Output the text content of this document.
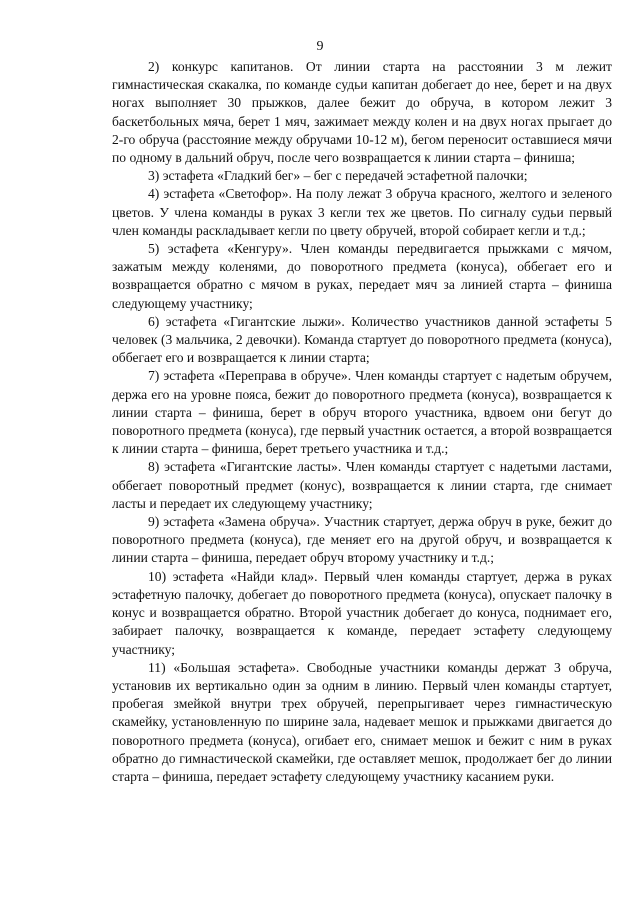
9

2) конкурс капитанов. От линии старта на расстоянии 3 м лежит гимнастическая скакалка, по команде судьи капитан добегает до нее, берет и на двух ногах выполняет 30 прыжков, далее бежит до обруча, в котором лежит 3 баскетбольных мяча, берет 1 мяч, зажимает между колен и на двух ногах прыгает до 2-го обруча (расстояние между обручами 10-12 м), бегом переносит оставшиеся мячи по одному в дальний обруч, после чего возвращается к линии старта – финиша;

3) эстафета «Гладкий бег» – бег с передачей эстафетной палочки;

4) эстафета «Светофор». На полу лежат 3 обруча красного, желтого и зеленого цветов. У члена команды в руках 3 кегли тех же цветов. По сигналу судьи первый член команды раскладывает кегли по цвету обручей, второй собирает кегли и т.д.;

5) эстафета «Кенгуру». Член команды передвигается прыжками с мячом, зажатым между коленями, до поворотного предмета (конуса), оббегает его и возвращается обратно с мячом в руках, передает мяч за линией старта – финиша следующему участнику;

6) эстафета «Гигантские лыжи». Количество участников данной эстафеты 5 человек (3 мальчика, 2 девочки). Команда стартует до поворотного предмета (конуса), оббегает его и возвращается к линии старта;

7) эстафета «Переправа в обруче». Член команды стартует с надетым обручем, держа его на уровне пояса, бежит до поворотного предмета (конуса), возвращается к линии старта – финиша, берет в обруч второго участника, вдвоем они бегут до поворотного предмета (конуса), где первый участник остается, а второй возвращается к линии старта – финиша, берет третьего участника и т.д.;

8) эстафета «Гигантские ласты». Член команды стартует с надетыми ластами, оббегает поворотный предмет (конус), возвращается к линии старта, где снимает ласты и передает их следующему участнику;

9) эстафета «Замена обруча». Участник стартует, держа обруч в руке, бежит до поворотного предмета (конуса), где меняет его на другой обруч, и возвращается к линии старта – финиша, передает обруч второму участнику и т.д.;

10) эстафета «Найди клад». Первый член команды стартует, держа в руках эстафетную палочку, добегает до поворотного предмета (конуса), опускает палочку в конус и возвращается обратно. Второй участник добегает до конуса, поднимает его, забирает палочку, возвращается к команде, передает эстафету следующему участнику;

11) «Большая эстафета». Свободные участники команды держат 3 обруча, установив их вертикально один за одним в линию. Первый член команды стартует, пробегая змейкой внутри трех обручей, перепрыгивает через гимнастическую скамейку, установленную по ширине зала, надевает мешок и прыжками двигается до поворотного предмета (конуса), огибает его, снимает мешок и бежит с ним в руках обратно до гимнастической скамейки, где оставляет мешок, продолжает бег до линии старта – финиша, передает эстафету следующему участнику касанием руки.
